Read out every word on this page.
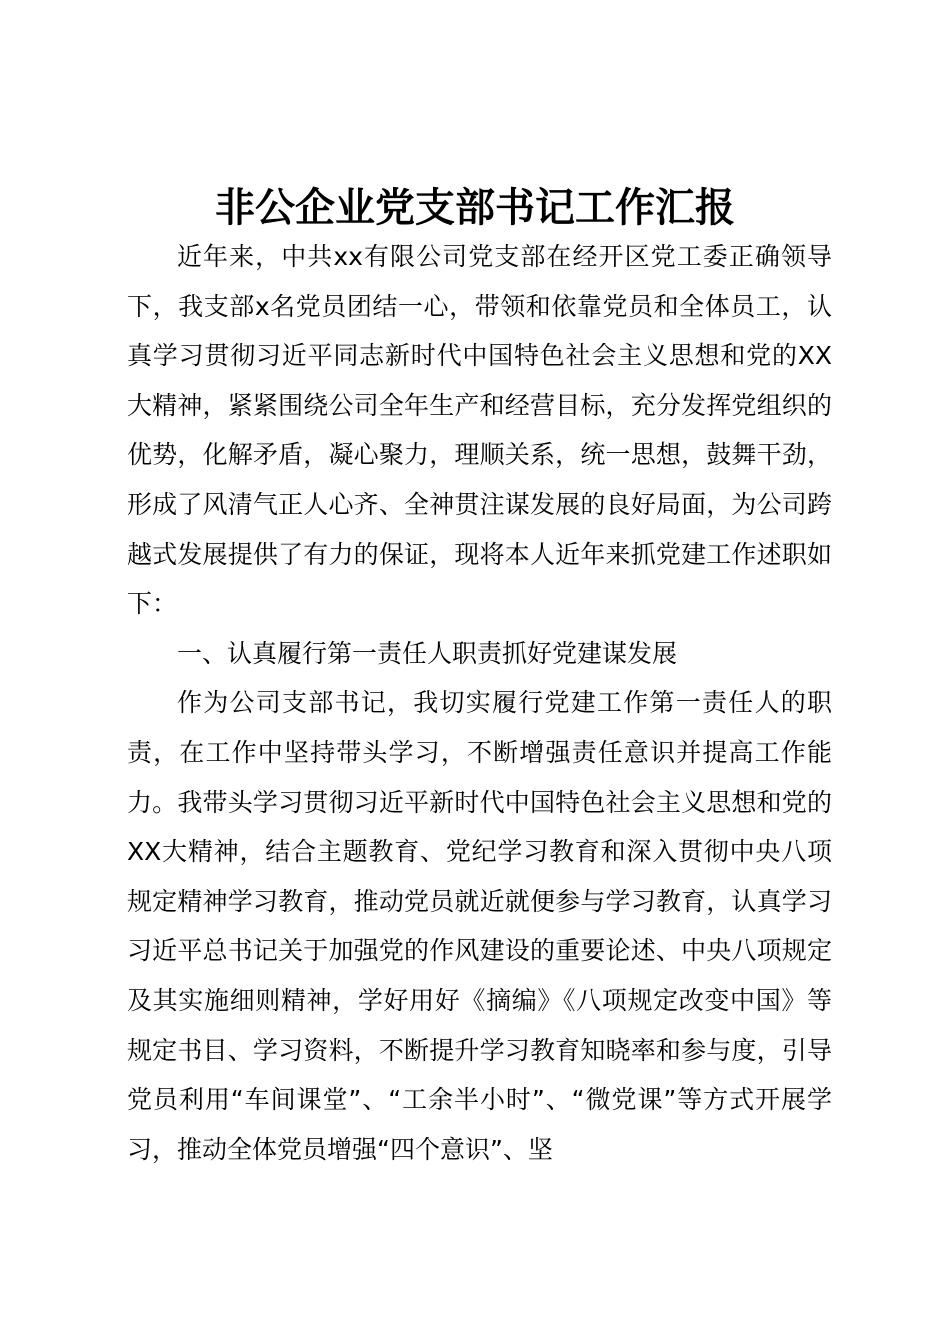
非公企业党支部书记工作汇报

近年来，中共xx有限公司党支部在经开区党工委正确领导下，我支部x名党员团结一心，带领和依靠党员和全体员工，认真学习贯彻习近平同志新时代中国特色社会主义思想和党的XX大精神，紧紧围绕公司全年生产和经营目标，充分发挥党组织的优势，化解矛盾，凝心聚力，理顺关系，统一思想，鼓舞干劲，形成了风清气正人心齐、全神贯注谋发展的良好局面，为公司跨越式发展提供了有力的保证，现将本人近年来抓党建工作述职如下：

一、认真履行第一责任人职责抓好党建谋发展

作为公司支部书记，我切实履行党建工作第一责任人的职责，在工作中坚持带头学习，不断增强责任意识并提高工作能力。我带头学习贯彻习近平新时代中国特色社会主义思想和党的XX大精神，结合主题教育、党纪学习教育和深入贯彻中央八项规定精神学习教育，推动党员就近就便参与学习教育，认真学习习近平总书记关于加强党的作风建设的重要论述、中央八项规定及其实施细则精神，学好用好《摘编》《八项规定改变中国》等规定书目、学习资料，不断提升学习教育知晓率和参与度，引导党员利用“车间课堂”、“工余半小时”、“微党课”等方式开展学习，推动全体党员增强“四个意识”、坚
